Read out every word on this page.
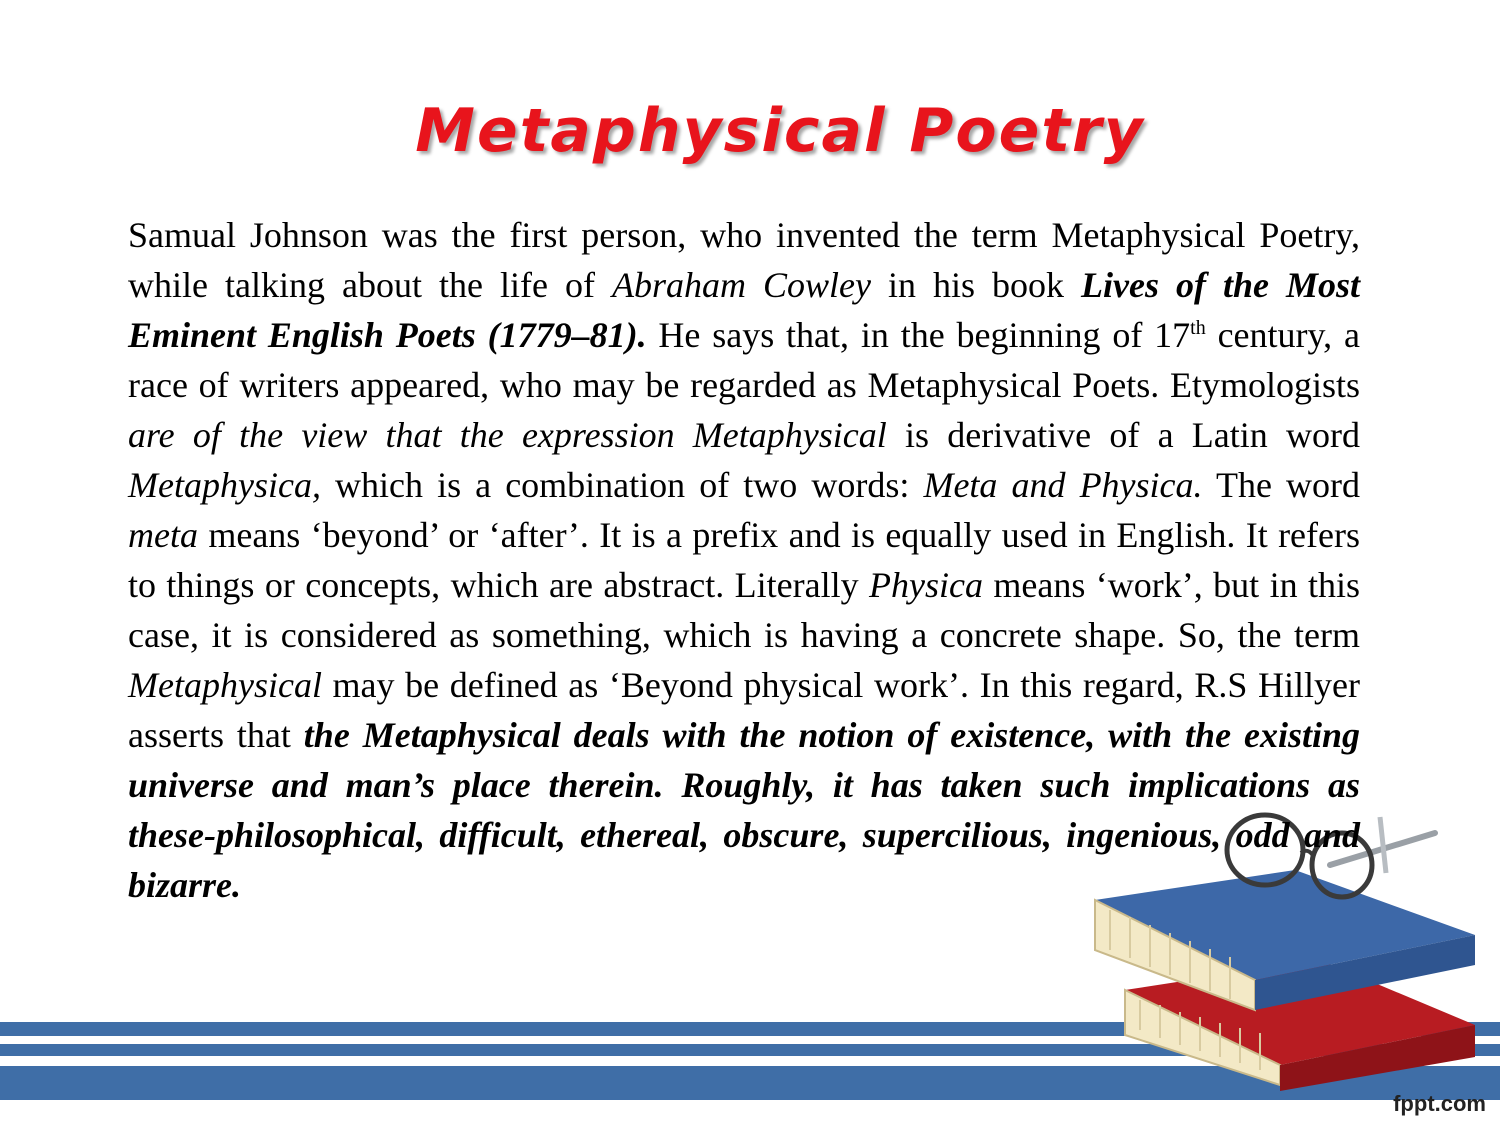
Metaphysical Poetry
Samual Johnson was the first person, who invented the term Metaphysical Poetry, while talking about the life of Abraham Cowley in his book Lives of the Most Eminent English Poets (1779–81). He says that, in the beginning of 17th century, a race of writers appeared, who may be regarded as Metaphysical Poets. Etymologists are of the view that the expression Metaphysical is derivative of a Latin word Metaphysica, which is a combination of two words: Meta and Physica. The word meta means ‘beyond’ or ‘after’. It is a prefix and is equally used in English. It refers to things or concepts, which are abstract. Literally Physica means ‘work’, but in this case, it is considered as something, which is having a concrete shape. So, the term Metaphysical may be defined as ‘Beyond physical work’. In this regard, R.S Hillyer asserts that the Metaphysical deals with the notion of existence, with the existing universe and man’s place therein. Roughly, it has taken such implications as these-philosophical, difficult, ethereal, obscure, supercilious, ingenious, odd and bizarre.
fppt.com
